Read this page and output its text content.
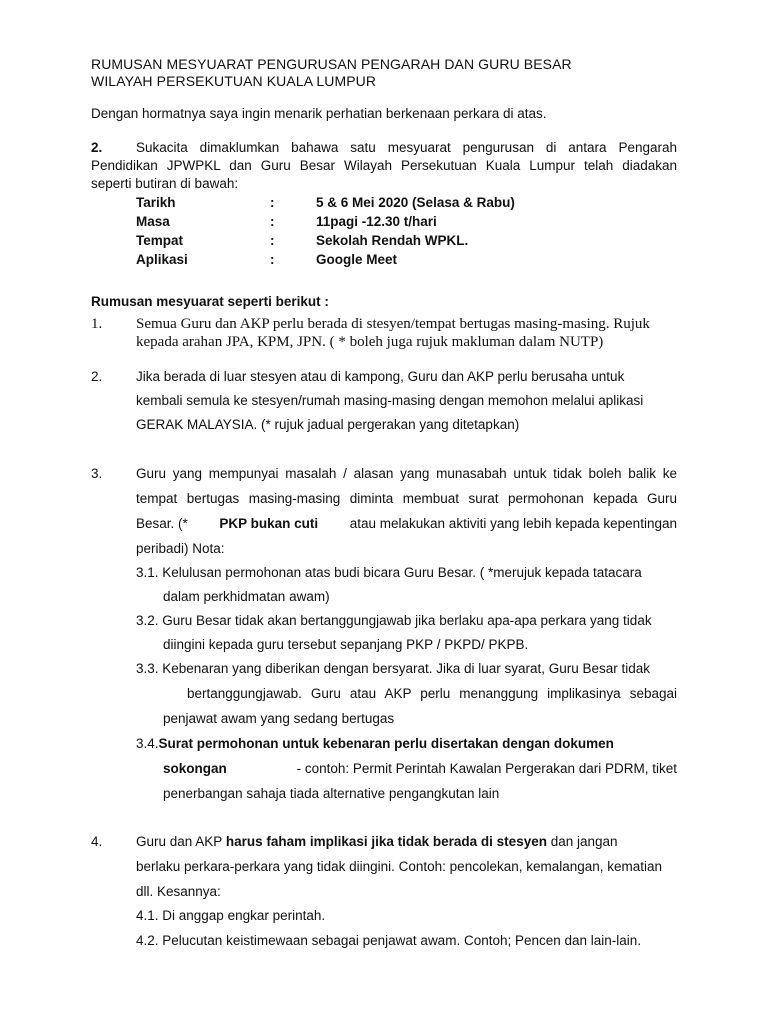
RUMUSAN MESYUARAT PENGURUSAN PENGARAH DAN GURU BESAR
WILAYAH PERSEKUTUAN KUALA LUMPUR
Dengan hormatnya saya ingin menarik perhatian berkenaan perkara di atas.
2. Sukacita dimaklumkan bahawa satu mesyuarat pengurusan di antara Pengarah
Pendidikan JPWPKL dan Guru Besar Wilayah Persekutuan Kuala Lumpur telah diadakan
seperti butiran di bawah:
Tarikh	:	5 & 6 Mei 2020 (Selasa & Rabu)
Masa	:	11pagi -12.30 t/hari
Tempat	:	Sekolah Rendah WPKL.
Aplikasi	:	Google Meet
Rumusan mesyuarat seperti berikut :
1. Semua Guru dan AKP perlu berada di stesyen/tempat bertugas masing-masing. Rujuk
kepada arahan JPA, KPM, JPN. ( * boleh juga rujuk makluman dalam NUTP)
2. Jika berada di luar stesyen atau di kampong, Guru dan AKP perlu berusaha untuk
kembali semula ke stesyen/rumah masing-masing dengan memohon melalui aplikasi
GERAK MALAYSIA. (* rujuk jadual pergerakan yang ditetapkan)
3. Guru yang mempunyai masalah / alasan yang munasabah untuk tidak boleh balik ke
tempat bertugas masing-masing diminta membuat surat permohonan kepada Guru
Besar. (* PKP bukan cuti atau melakukan aktiviti yang lebih kepada kepentingan
peribadi) Nota:
3.1. Kelulusan permohonan atas budi bicara Guru Besar. ( *merujuk kepada tatacara
dalam perkhidmatan awam)
3.2. Guru Besar tidak akan bertanggungjawab jika berlaku apa-apa perkara yang tidak
diingini kepada guru tersebut sepanjang PKP / PKPD/ PKPB.
3.3. Kebenaran yang diberikan dengan bersyarat. Jika di luar syarat, Guru Besar tidak
bertanggungjawab. Guru atau AKP perlu menanggung implikasinya sebagai
penjawat awam yang sedang bertugas
3.4.Surat permohonan untuk kebenaran perlu disertakan dengan dokumen
sokongan	- contoh: Permit Perintah Kawalan Pergerakan dari PDRM, tiket
penerbangan sahaja tiada alternative pengangkutan lain
4. Guru dan AKP harus faham implikasi jika tidak berada di stesyen dan jangan
berlaku perkara-perkara yang tidak diingini. Contoh: pencolekan, kemalangan, kematian
dll. Kesannya:
4.1. Di anggap engkar perintah.
4.2. Pelucutan keistimewaan sebagai penjawat awam. Contoh; Pencen dan lain-lain.
